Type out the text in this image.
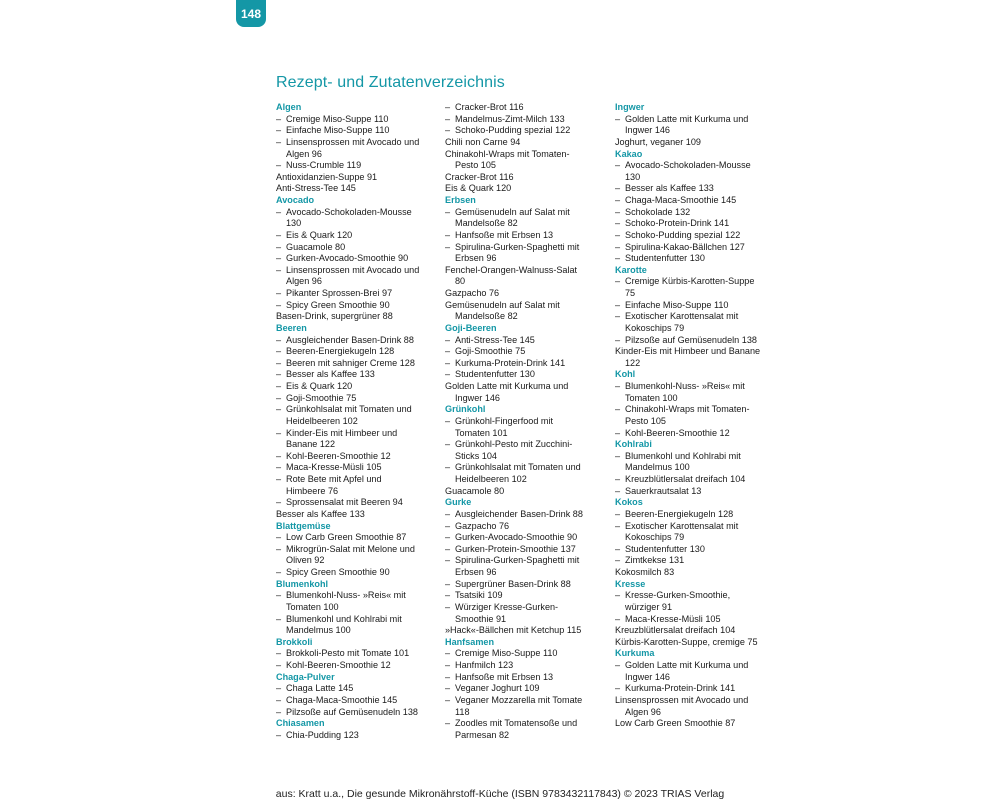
148
Rezept- und Zutatenverzeichnis
Algen
– Cremige Miso-Suppe 110
– Einfache Miso-Suppe 110
– Linsensprossen mit Avocado und
Algen 96
– Nuss-Crumble 119
Antioxidanzien-Suppe 91
Anti-Stress-Tee 145
Avocado
– Avocado-Schokoladen-Mousse
130
– Eis & Quark 120
– Guacamole 80
– Gurken-Avocado-Smoothie 90
– Linsensprossen mit Avocado und
Algen 96
– Pikanter Sprossen-Brei 97
– Spicy Green Smoothie 90
Basen-Drink, supergrüner 88
Beeren
– Ausgleichender Basen-Drink 88
– Beeren-Energiekugeln 128
– Beeren mit sahniger Creme 128
– Besser als Kaffee 133
– Eis & Quark 120
– Goji-Smoothie 75
– Grünkohlsalat mit Tomaten und
Heidelbeeren 102
– Kinder-Eis mit Himbeer und
Banane 122
– Kohl-Beeren-Smoothie 12
– Maca-Kresse-Müsli 105
– Rote Bete mit Apfel und
Himbeere 76
– Sprossensalat mit Beeren 94
Besser als Kaffee 133
Blattgemüse
– Low Carb Green Smoothie 87
– Mikrogrün-Salat mit Melone und
Oliven 92
– Spicy Green Smoothie 90
Blumenkohl
– Blumenkohl-Nuss- »Reis« mit
Tomaten 100
– Blumenkohl und Kohlrabi mit
Mandelmus 100
Brokkoli
– Brokkoli-Pesto mit Tomate 101
– Kohl-Beeren-Smoothie 12
Chaga-Pulver
– Chaga Latte 145
– Chaga-Maca-Smoothie 145
– Pilzsoße auf Gemüsenudeln 138
Chiasamen
– Chia-Pudding 123
– Cracker-Brot 116
– Mandelmus-Zimt-Milch 133
– Schoko-Pudding spezial 122
Chili non Carne 94
Chinakohl-Wraps mit Tomaten-
Pesto 105
Cracker-Brot 116
Eis & Quark 120
Erbsen
– Gemüsenudeln auf Salat mit
Mandelsoße 82
– Hanfsoße mit Erbsen 13
– Spirulina-Gurken-Spaghetti mit
Erbsen 96
Fenchel-Orangen-Walnuss-Salat
80
Gazpacho 76
Gemüsenudeln auf Salat mit
Mandelsoße 82
Goji-Beeren
– Anti-Stress-Tee 145
– Goji-Smoothie 75
– Kurkuma-Protein-Drink 141
– Studentenfutter 130
Golden Latte mit Kurkuma und
Ingwer 146
Grünkohl
– Grünkohl-Fingerfood mit
Tomaten 101
– Grünkohl-Pesto mit Zucchini-
Sticks 104
– Grünkohlsalat mit Tomaten und
Heidelbeeren 102
Guacamole 80
Gurke
– Ausgleichender Basen-Drink 88
– Gazpacho 76
– Gurken-Avocado-Smoothie 90
– Gurken-Protein-Smoothie 137
– Spirulina-Gurken-Spaghetti mit
Erbsen 96
– Supergrüner Basen-Drink 88
– Tsatsiki 109
– Würziger Kresse-Gurken-
Smoothie 91
»Hack«-Bällchen mit Ketchup 115
Hanfsamen
– Cremige Miso-Suppe 110
– Hanfmilch 123
– Hanfsoße mit Erbsen 13
– Veganer Joghurt 109
– Veganer Mozzarella mit Tomate
118
– Zoodles mit Tomatensoße und
Parmesan 82
Ingwer
– Golden Latte mit Kurkuma und
Ingwer 146
Joghurt, veganer 109
Kakao
– Avocado-Schokoladen-Mousse
130
– Besser als Kaffee 133
– Chaga-Maca-Smoothie 145
– Schokolade 132
– Schoko-Protein-Drink 141
– Schoko-Pudding spezial 122
– Spirulina-Kakao-Bällchen 127
– Studentenfutter 130
Karotte
– Cremige Kürbis-Karotten-Suppe
75
– Einfache Miso-Suppe 110
– Exotischer Karottensalat mit
Kokoschips 79
– Pilzsoße auf Gemüsenudeln 138
Kinder-Eis mit Himbeer und Banane
122
Kohl
– Blumenkohl-Nuss- »Reis« mit
Tomaten 100
– Chinakohl-Wraps mit Tomaten-
Pesto 105
– Kohl-Beeren-Smoothie 12
Kohlrabi
– Blumenkohl und Kohlrabi mit
Mandelmus 100
– Kreuzblütlersalat dreifach 104
– Sauerkrautsalat 13
Kokos
– Beeren-Energiekugeln 128
– Exotischer Karottensalat mit
Kokoschips 79
– Studentenfutter 130
– Zimtkekse 131
Kokosmilch 83
Kresse
– Kresse-Gurken-Smoothie,
würziger 91
– Maca-Kresse-Müsli 105
Kreuzblütlersalat dreifach 104
Kürbis-Karotten-Suppe, cremige 75
Kurkuma
– Golden Latte mit Kurkuma und
Ingwer 146
– Kurkuma-Protein-Drink 141
Linsensprossen mit Avocado und
Algen 96
Low Carb Green Smoothie 87
aus: Kratt u.a., Die gesunde Mikronährstoff-Küche (ISBN 9783432117843) © 2023 TRIAS Verlag
